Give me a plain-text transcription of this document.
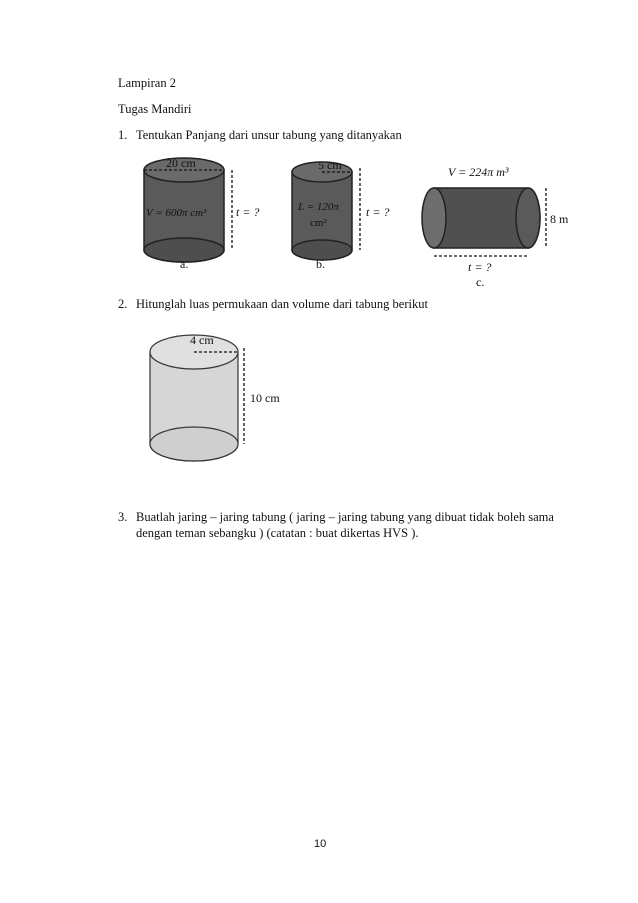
Lampiran 2
Tugas Mandiri
1. Tentukan Panjang dari unsur tabung yang ditanyakan
20 cm
V = 600π cm³ t = ?
a.
5 cm
L = 120π
cm²
t = ?
b.
V = 224π m³
8 m
t = ?
c.
2. Hitunglah luas permukaan dan volume dari tabung berikut
4 cm
10 cm
3. Buatlah jaring – jaring tabung ( jaring – jaring tabung yang dibuat tidak boleh sama
dengan teman sebangku ) (catatan : buat dikertas HVS ).
10
